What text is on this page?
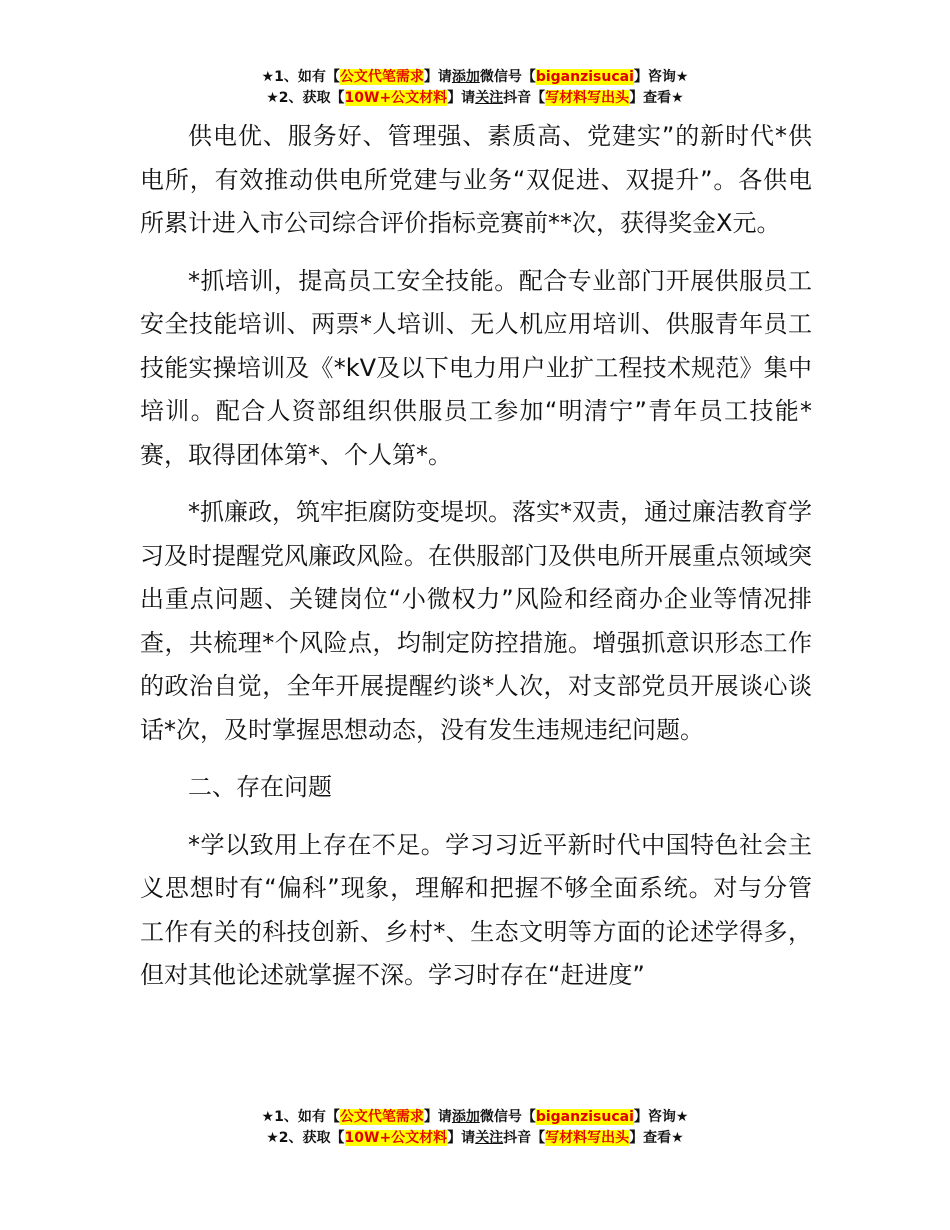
★1、如有【公文代笔需求】请添加微信号【biganzisucai】咨询★
★2、获取【10W+公文材料】请关注抖音【写材料写出头】查看★

供电优、服务好、管理强、素质高、党建实”的新时代*供电所，有效推动供电所党建与业务“双促进、双提升”。各供电所累计进入市公司综合评价指标竞赛前**次，获得奖金X元。

*抓培训，提高员工安全技能。配合专业部门开展供服员工安全技能培训、两票*人培训、无人机应用培训、供服青年员工技能实操培训及《*kV及以下电力用户业扩工程技术规范》集中培训。配合人资部组织供服员工参加“明清宁”青年员工技能*赛，取得团体第*、个人第*。

*抓廉政，筑牢拒腐防变堤坝。落实*双责，通过廉洁教育学习及时提醒党风廉政风险。在供服部门及供电所开展重点领域突出重点问题、关键岗位“小微权力”风险和经商办企业等情况排查，共梳理*个风险点，均制定防控措施。增强抓意识形态工作的政治自觉，全年开展提醒约谈*人次，对支部党员开展谈心谈话*次，及时掌握思想动态，没有发生违规违纪问题。

二、存在问题

*学以致用上存在不足。学习习近平新时代中国特色社会主义思想时有“偏科”现象，理解和把握不够全面系统。对与分管工作有关的科技创新、乡村*、生态文明等方面的论述学得多，但对其他论述就掌握不深。学习时存在“赶进度”

★1、如有【公文代笔需求】请添加微信号【biganzisucai】咨询★
★2、获取【10W+公文材料】请关注抖音【写材料写出头】查看★
